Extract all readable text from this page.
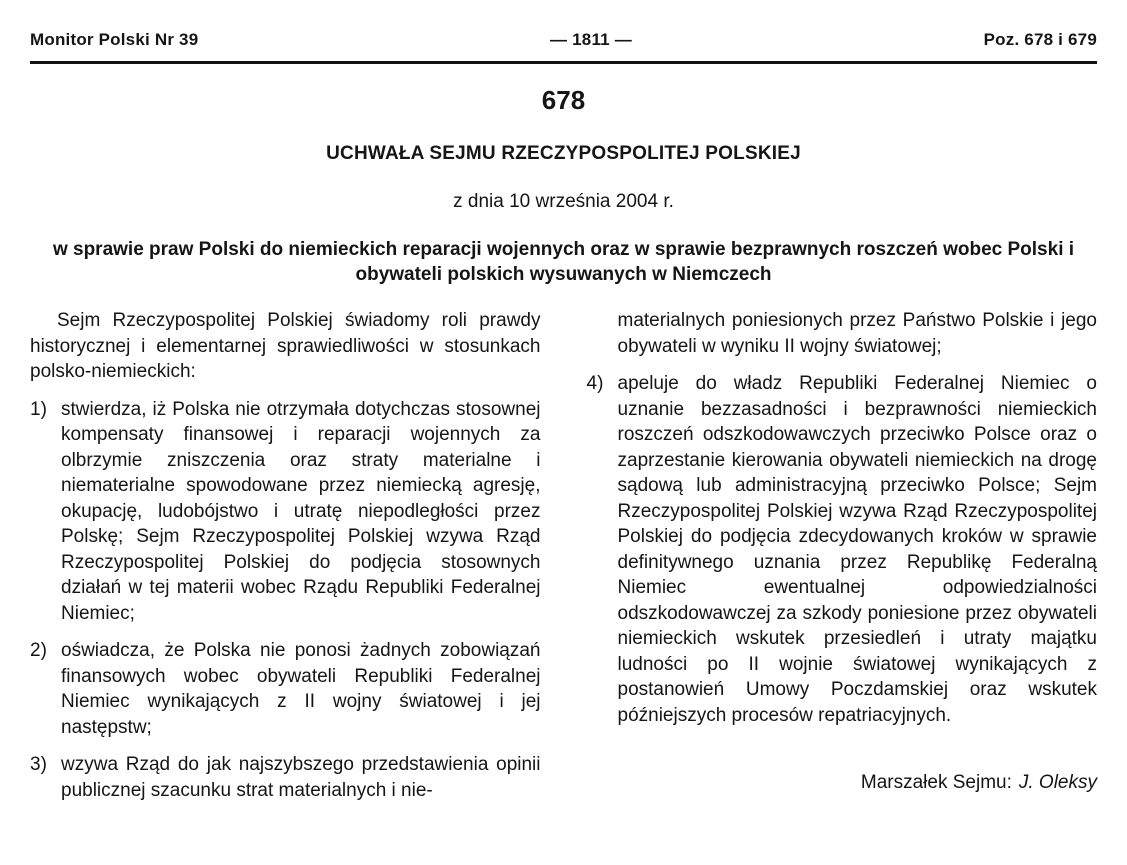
Monitor Polski Nr 39	— 1811 —	Poz. 678 i 679
678
UCHWAŁA SEJMU RZECZYPOSPOLITEJ POLSKIEJ
z dnia 10 września 2004 r.
w sprawie praw Polski do niemieckich reparacji wojennych oraz w sprawie bezprawnych roszczeń wobec Polski i obywateli polskich wysuwanych w Niemczech

Sejm Rzeczypospolitej Polskiej świadomy roli prawdy historycznej i elementarnej sprawiedliwości w stosunkach polsko-niemieckich:

1) stwierdza, iż Polska nie otrzymała dotychczas stosownej kompensaty finansowej i reparacji wojennych za olbrzymie zniszczenia oraz straty materialne i niematerialne spowodowane przez niemiecką agresję, okupację, ludobójstwo i utratę niepodległości przez Polskę; Sejm Rzeczypospolitej Polskiej wzywa Rząd Rzeczypospolitej Polskiej do podjęcia stosownych działań w tej materii wobec Rządu Republiki Federalnej Niemiec;
2) oświadcza, że Polska nie ponosi żadnych zobowiązań finansowych wobec obywateli Republiki Federalnej Niemiec wynikających z II wojny światowej i jej następstw;
3) wzywa Rząd do jak najszybszego przedstawienia opinii publicznej szacunku strat materialnych i nie-

materialnych poniesionych przez Państwo Polskie i jego obywateli w wyniku II wojny światowej;

4) apeluje do władz Republiki Federalnej Niemiec o uznanie bezzasadności i bezprawności niemieckich roszczeń odszkodowawczych przeciwko Polsce oraz o zaprzestanie kierowania obywateli niemieckich na drogę sądową lub administracyjną przeciwko Polsce; Sejm Rzeczypospolitej Polskiej wzywa Rząd Rzeczypospolitej Polskiej do podjęcia zdecydowanych kroków w sprawie definitywnego uznania przez Republikę Federalną Niemiec ewentualnej odpowiedzialności odszkodowawczej za szkody poniesione przez obywateli niemieckich wskutek przesiedleń i utraty majątku ludności po II wojnie światowej wynikających z postanowień Umowy Poczdamskiej oraz wskutek późniejszych procesów repatriacyjnych.
Marszałek Sejmu: J. Oleksy
